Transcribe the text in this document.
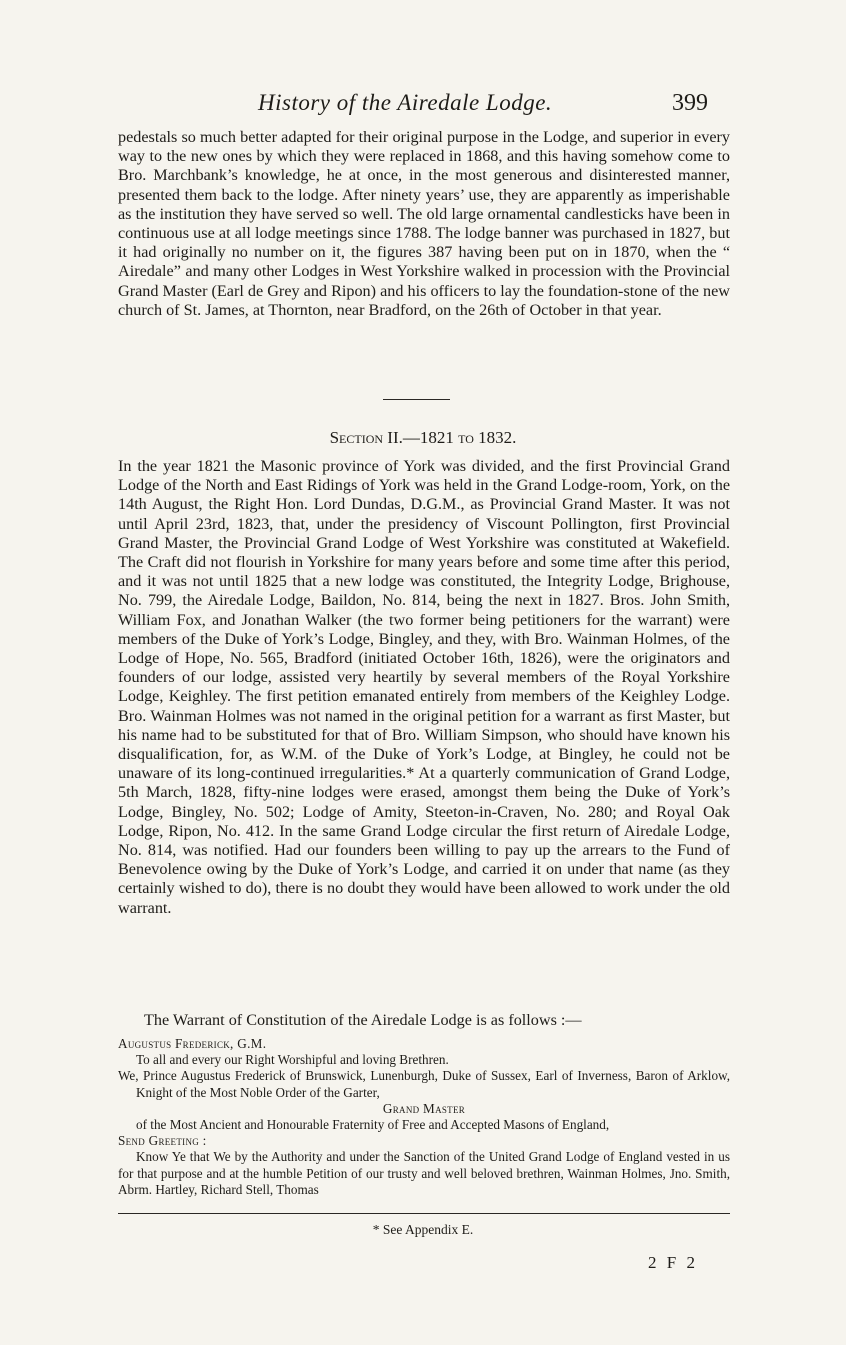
History of the Airedale Lodge.	399

pedestals so much better adapted for their original purpose in the Lodge, and superior in every way to the new ones by which they were replaced in 1868, and this having somehow come to Bro. Marchbank’s knowledge, he at once, in the most generous and disinterested manner, presented them back to the lodge. After ninety years’ use, they are apparently as imperishable as the institution they have served so well. The old large ornamental candlesticks have been in continuous use at all lodge meetings since 1788. The lodge banner was purchased in 1827, but it had originally no number on it, the figures 387 having been put on in 1870, when the “ Airedale” and many other Lodges in West Yorkshire walked in procession with the Provincial Grand Master (Earl de Grey and Ripon) and his officers to lay the foundation-stone of the new church of St. James, at Thornton, near Bradford, on the 26th of October in that year.

Section II.—1821 to 1832.

In the year 1821 the Masonic province of York was divided, and the first Provincial Grand Lodge of the North and East Ridings of York was held in the Grand Lodge-room, York, on the 14th August, the Right Hon. Lord Dundas, D.G.M., as Provincial Grand Master. It was not until April 23rd, 1823, that, under the presidency of Viscount Pollington, first Provincial Grand Master, the Provincial Grand Lodge of West Yorkshire was constituted at Wakefield. The Craft did not flourish in Yorkshire for many years before and some time after this period, and it was not until 1825 that a new lodge was constituted, the Integrity Lodge, Brighouse, No. 799, the Airedale Lodge, Baildon, No. 814, being the next in 1827. Bros. John Smith, William Fox, and Jonathan Walker (the two former being petitioners for the warrant) were members of the Duke of York’s Lodge, Bingley, and they, with Bro. Wainman Holmes, of the Lodge of Hope, No. 565, Bradford (initiated October 16th, 1826), were the originators and founders of our lodge, assisted very heartily by several members of the Royal Yorkshire Lodge, Keighley. The first petition emanated entirely from members of the Keighley Lodge. Bro. Wainman Holmes was not named in the original petition for a warrant as first Master, but his name had to be substituted for that of Bro. William Simpson, who should have known his disqualification, for, as W.M. of the Duke of York’s Lodge, at Bingley, he could not be unaware of its long-continued irregularities.* At a quarterly communication of Grand Lodge, 5th March, 1828, fifty-nine lodges were erased, amongst them being the Duke of York’s Lodge, Bingley, No. 502; Lodge of Amity, Steeton-in-Craven, No. 280; and Royal Oak Lodge, Ripon, No. 412. In the same Grand Lodge circular the first return of Airedale Lodge, No. 814, was notified. Had our founders been willing to pay up the arrears to the Fund of Benevolence owing by the Duke of York’s Lodge, and carried it on under that name (as they certainly wished to do), there is no doubt they would have been allowed to work under the old warrant.

The Warrant of Constitution of the Airedale Lodge is as follows :—

Augustus Frederick, G.M.
To all and every our Right Worshipful and loving Brethren.
We, Prince Augustus Frederick of Brunswick, Lunenburgh, Duke of Sussex, Earl of Inverness, Baron of Arklow, Knight of the Most Noble Order of the Garter,
Grand Master
of the Most Ancient and Honourable Fraternity of Free and Accepted Masons of England,
Send Greeting :
Know Ye that We by the Authority and under the Sanction of the United Grand Lodge of England vested in us for that purpose and at the humble Petition of our trusty and well beloved brethren, Wainman Holmes, Jno. Smith, Abrm. Hartley, Richard Stell, Thomas
* See Appendix E.
2 F 2
